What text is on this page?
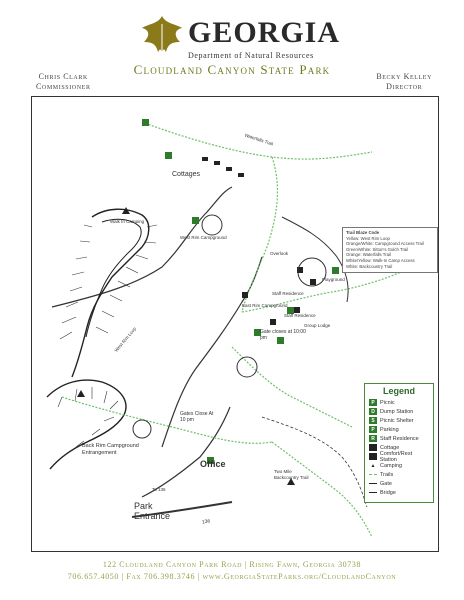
GEORGIA
Department of Natural Resources
Chris Clark
Commissioner
Cloudland Canyon State Park	Becky Kelley
Director
Cottages
Walk In Camping
West Rim Campground
East Rim Campground
Staff Residence
Staff Residence
Group Lodge
Playground
Gate closes at 10:00 pm
Gates Close At 10 pm
Office
Park Entrance
Back Rim Campground Entrangement
Two Mile Backcountry Trail
To 136
Overlook
Waterfalls Trail
West Rim Loop
136
Trail Blaze Code
Yellow: West Rim Loop
Orange/White: Campground Access Trail
Green/White: Sitton's Gulch Trail
Orange: Waterfalls Trail
White/Yellow: Walk-In Camp Access
White: Backcountry Trail
Legend
P Picnic
D Dump Station
S Picnic Shelter
P Parking
R Staff Residence
Cottage
Comfort/Rest Station
▲ Camping
Trails
Gate
Bridge
122 Cloudland Canyon Park Road | Rising Fawn, Georgia 30738
706.657.4050 | Fax 706.398.3746 | www.GeorgiaStateParks.org/CloudlandCanyon
